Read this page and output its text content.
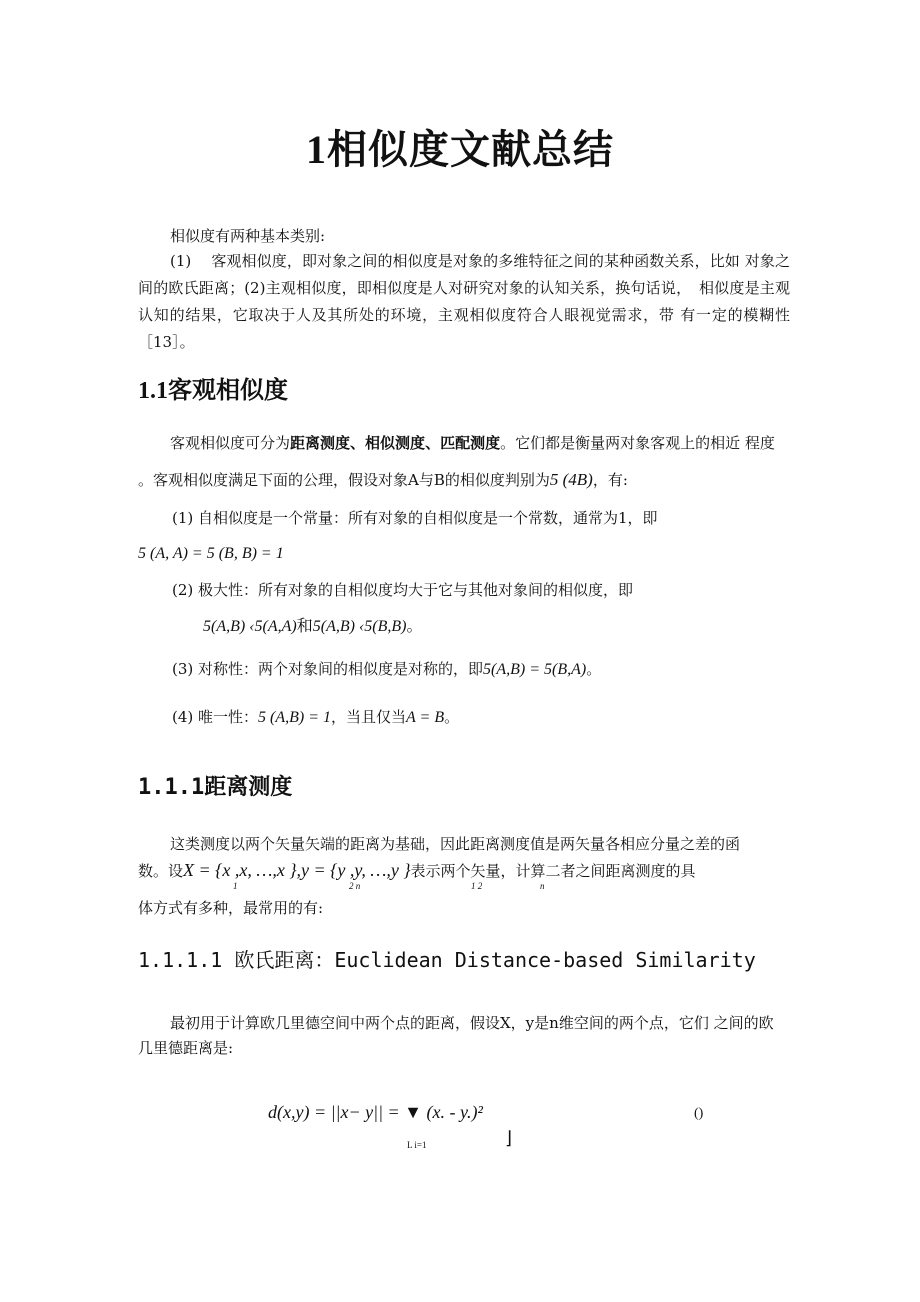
1相似度文献总结
相似度有两种基本类别:
(1)　 客观相似度，即对象之间的相似度是对象的多维特征之间的某种函数关系，比如 对象之间的欧氏距离；(2)主观相似度，即相似度是人对研究对象的认知关系，换句话说，　相似度是主观认知的结果，它取决于人及其所处的环境，主观相似度符合人眼视觉需求，带 有一定的模糊性［13］。
1.1客观相似度
客观相似度可分为距离测度、相似测度、匹配测度。它们都是衡量两对象客观上的相近 程度
。客观相似度满足下面的公理，假设对象A与B的相似度判别为5 (4B)，有:
(1) 自相似度是一个常量：所有对象的自相似度是一个常数，通常为1，即
5 (A, A) = 5 (B, B) = 1
(2) 极大性：所有对象的自相似度均大于它与其他对象间的相似度，即
5(A,B) ‹5(A,A)和5(A,B) ‹5(B,B)。
(3) 对称性：两个对象间的相似度是对称的，即5(A,B) = 5(B,A)。
(4) 唯一性：5 (A,B) = 1，当且仅当A = B。
1.1.1距离测度
这类测度以两个矢量矢端的距离为基础，因此距离测度值是两矢量各相应分量之差的函
数。设X = {x ,x, …,x },y = {y ,y, …,y }表示两个矢量，计算二者之间距离测度的具
1	2 n	1 2	n
体方式有多种，最常用的有:
1.1.1.1 欧氏距离：Euclidean Distance-based Similarity
最初用于计算欧几里德空间中两个点的距离，假设X，y是n维空间的两个点，它们 之间的欧
几里德距离是:
d(x,y) = ||x− y|| = ▼ (x. - y.)²
L i=1	⌋
()
